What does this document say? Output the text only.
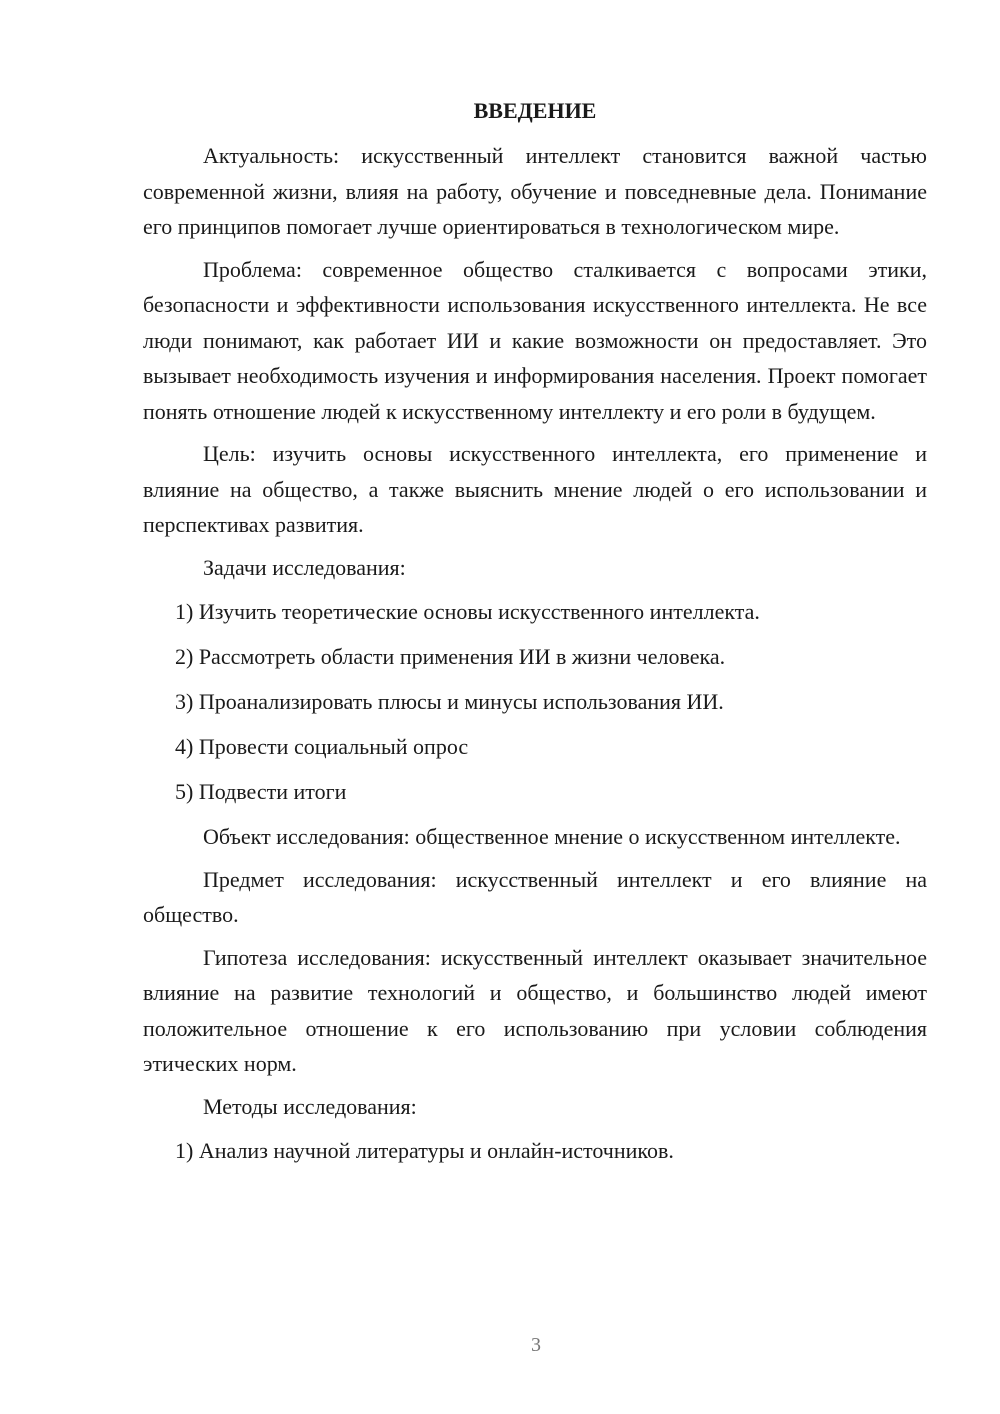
ВВЕДЕНИЕ

Актуальность: искусственный интеллект становится важной частью современной жизни, влияя на работу, обучение и повседневные дела. Понимание его принципов помогает лучше ориентироваться в технологическом мире.

Проблема: современное общество сталкивается с вопросами этики, безопасности и эффективности использования искусственного интеллекта. Не все люди понимают, как работает ИИ и какие возможности он предоставляет. Это вызывает необходимость изучения и информирования населения. Проект помогает понять отношение людей к искусственному интеллекту и его роли в будущем.

Цель: изучить основы искусственного интеллекта, его применение и влияние на общество, а также выяснить мнение людей о его использовании и перспективах развития.

Задачи исследования:
1) Изучить теоретические основы искусственного интеллекта.
2) Рассмотреть области применения ИИ в жизни человека.
3) Проанализировать плюсы и минусы использования ИИ.
4) Провести социальный опрос
5) Подвести итоги

Объект исследования: общественное мнение о искусственном интеллекте.

Предмет исследования: искусственный интеллект и его влияние на общество.

Гипотеза исследования: искусственный интеллект оказывает значительное влияние на развитие технологий и общество, и большинство людей имеют положительное отношение к его использованию при условии соблюдения этических норм.

Методы исследования:
1) Анализ научной литературы и онлайн-источников.
3
